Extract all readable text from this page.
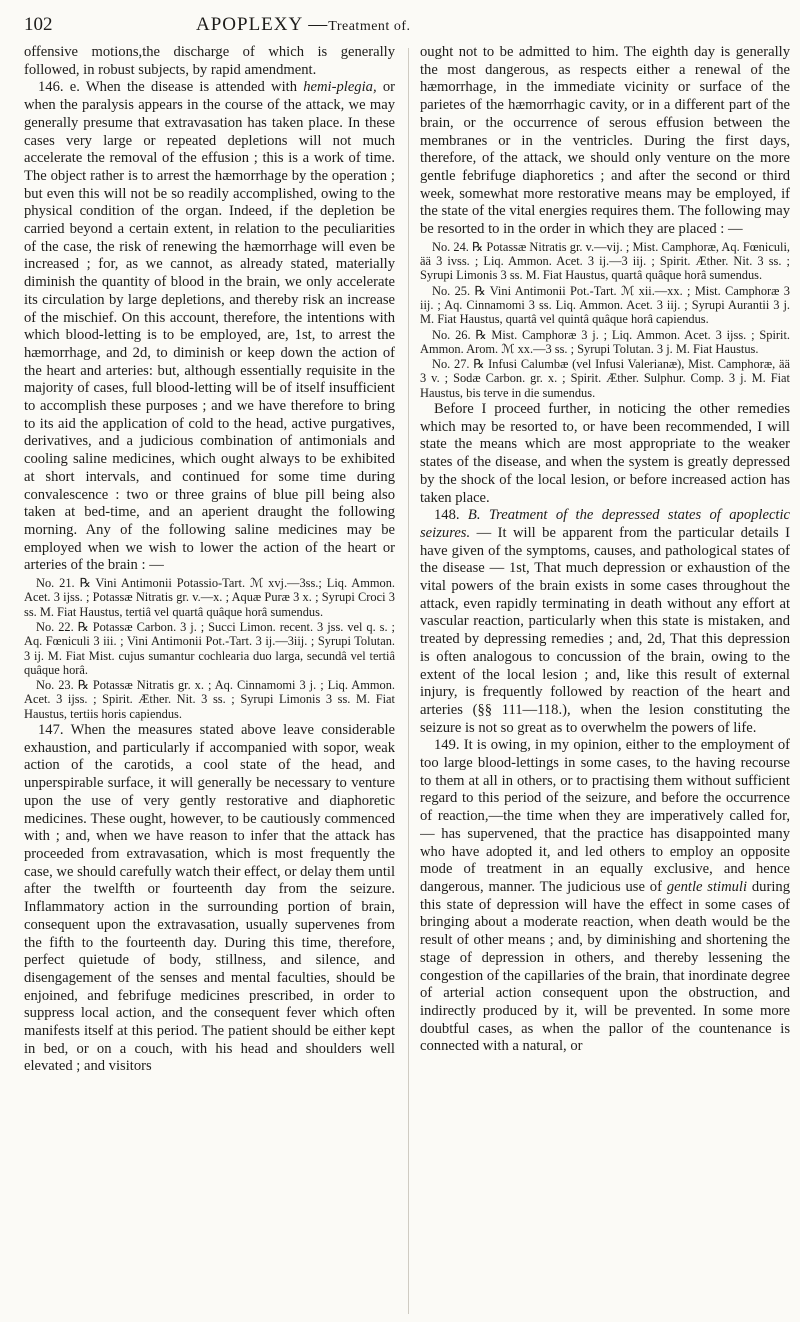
102	APOPLEXY —Treatment of.

offensive motions,the discharge of which is generally followed, in robust subjects, by rapid amendment.

146. e. When the disease is attended with hemi-plegia, or when the paralysis appears in the course of the attack, we may generally presume that extravasation has taken place. In these cases very large or repeated depletions will not much accelerate the removal of the effusion ; this is a work of time. The object rather is to arrest the hæmorrhage by the operation ; but even this will not be so readily accomplished, owing to the physical condition of the organ. Indeed, if the depletion be carried beyond a certain extent, in relation to the peculiarities of the case, the risk of renewing the hæmorrhage will even be increased ; for, as we cannot, as already stated, materially diminish the quantity of blood in the brain, we only accelerate its circulation by large depletions, and thereby risk an increase of the mischief. On this account, therefore, the intentions with which blood-letting is to be employed, are, 1st, to arrest the hæmorrhage, and 2d, to diminish or keep down the action of the heart and arteries: but, although essentially requisite in the majority of cases, full blood-letting will be of itself insufficient to accomplish these purposes ; and we have therefore to bring to its aid the application of cold to the head, active purgatives, derivatives, and a judicious combination of antimonials and cooling saline medicines, which ought always to be exhibited at short intervals, and continued for some time during convalescence : two or three grains of blue pill being also taken at bed-time, and an aperient draught the following morning. Any of the following saline medicines may be employed when we wish to lower the action of the heart or arteries of the brain : —

No. 21. ℞ Vini Antimonii Potassio-Tart. ℳ xvj.—3ss.; Liq. Ammon. Acet. 3 ijss. ; Potassæ Nitratis gr. v.—x. ; Aquæ Puræ 3 x. ; Syrupi Croci 3 ss. M. Fiat Haustus, tertiâ vel quartâ quâque horâ sumendus.

No. 22. ℞ Potassæ Carbon. 3 j. ; Succi Limon. recent. 3 jss. vel q. s. ; Aq. Fœniculi 3 iii. ; Vini Antimonii Pot.-Tart. 3 ij.—3iij. ; Syrupi Tolutan. 3 ij. M. Fiat Mist. cujus sumantur cochlearia duo larga, secundâ vel tertiâ quâque horâ.

No. 23. ℞ Potassæ Nitratis gr. x. ; Aq. Cinnamomi 3 j. ; Liq. Ammon. Acet. 3 ijss. ; Spirit. Æther. Nit. 3 ss. ; Syrupi Limonis 3 ss. M. Fiat Haustus, tertiis horis capiendus.

147. When the measures stated above leave considerable exhaustion, and particularly if accompanied with sopor, weak action of the carotids, a cool state of the head, and unperspirable surface, it will generally be necessary to venture upon the use of very gently restorative and diaphoretic medicines. These ought, however, to be cautiously commenced with ; and, when we have reason to infer that the attack has proceeded from extravasation, which is most frequently the case, we should carefully watch their effect, or delay them until after the twelfth or fourteenth day from the seizure. Inflammatory action in the surrounding portion of brain, consequent upon the extravasation, usually supervenes from the fifth to the fourteenth day. During this time, therefore, perfect quietude of body, stillness, and silence, and disengagement of the senses and mental faculties, should be enjoined, and febrifuge medicines prescribed, in order to suppress local action, and the consequent fever which often manifests itself at this period. The patient should be either kept in bed, or on a couch, with his head and shoulders well elevated ; and visitors

ought not to be admitted to him. The eighth day is generally the most dangerous, as respects either a renewal of the hæmorrhage, in the immediate vicinity or surface of the parietes of the hæmorrhagic cavity, or in a different part of the brain, or the occurrence of serous effusion between the membranes or in the ventricles. During the first days, therefore, of the attack, we should only venture on the more gentle febrifuge diaphoretics ; and after the second or third week, somewhat more restorative means may be employed, if the state of the vital energies requires them. The following may be resorted to in the order in which they are placed : —

No. 24. ℞ Potassæ Nitratis gr. v.—vij. ; Mist. Camphoræ, Aq. Fœniculi, ää 3 ivss. ; Liq. Ammon. Acet. 3 ij.—3 iij. ; Spirit. Æther. Nit. 3 ss. ; Syrupi Limonis 3 ss. M. Fiat Haustus, quartâ quâque horâ sumendus.

No. 25. ℞ Vini Antimonii Pot.-Tart. ℳ xii.—xx. ; Mist. Camphoræ 3 iij. ; Aq. Cinnamomi 3 ss. Liq. Ammon. Acet. 3 iij. ; Syrupi Aurantii 3 j. M. Fiat Haustus, quartâ vel quintâ quâque horâ capiendus.

No. 26. ℞ Mist. Camphoræ 3 j. ; Liq. Ammon. Acet. 3 ijss. ; Spirit. Ammon. Arom. ℳ xx.—3 ss. ; Syrupi Tolutan. 3 j. M. Fiat Haustus.

No. 27. ℞ Infusi Calumbæ (vel Infusi Valerianæ), Mist. Camphoræ, ää 3 v. ; Sodæ Carbon. gr. x. ; Spirit. Æther. Sulphur. Comp. 3 j. M. Fiat Haustus, bis terve in die sumendus.

Before I proceed further, in noticing the other remedies which may be resorted to, or have been recommended, I will state the means which are most appropriate to the weaker states of the disease, and when the system is greatly depressed by the shock of the local lesion, or before increased action has taken place.

148. B. Treatment of the depressed states of apoplectic seizures. — It will be apparent from the particular details I have given of the symptoms, causes, and pathological states of the disease — 1st, That much depression or exhaustion of the vital powers of the brain exists in some cases throughout the attack, even rapidly terminating in death without any effort at vascular reaction, particularly when this state is mistaken, and treated by depressing remedies ; and, 2d, That this depression is often analogous to concussion of the brain, owing to the extent of the local lesion ; and, like this result of external injury, is frequently followed by reaction of the heart and arteries (§§ 111—118.), when the lesion constituting the seizure is not so great as to overwhelm the powers of life.

149. It is owing, in my opinion, either to the employment of too large blood-lettings in some cases, to the having recourse to them at all in others, or to practising them without sufficient regard to this period of the seizure, and before the occurrence of reaction,—the time when they are imperatively called for, — has supervened, that the practice has disappointed many who have adopted it, and led others to employ an opposite mode of treatment in an equally exclusive, and hence dangerous, manner. The judicious use of gentle stimuli during this state of depression will have the effect in some cases of bringing about a moderate reaction, when death would be the result of other means ; and, by diminishing and shortening the stage of depression in others, and thereby lessening the congestion of the capillaries of the brain, that inordinate degree of arterial action consequent upon the obstruction, and indirectly produced by it, will be prevented. In some more doubtful cases, as when the pallor of the countenance is connected with a natural, or
